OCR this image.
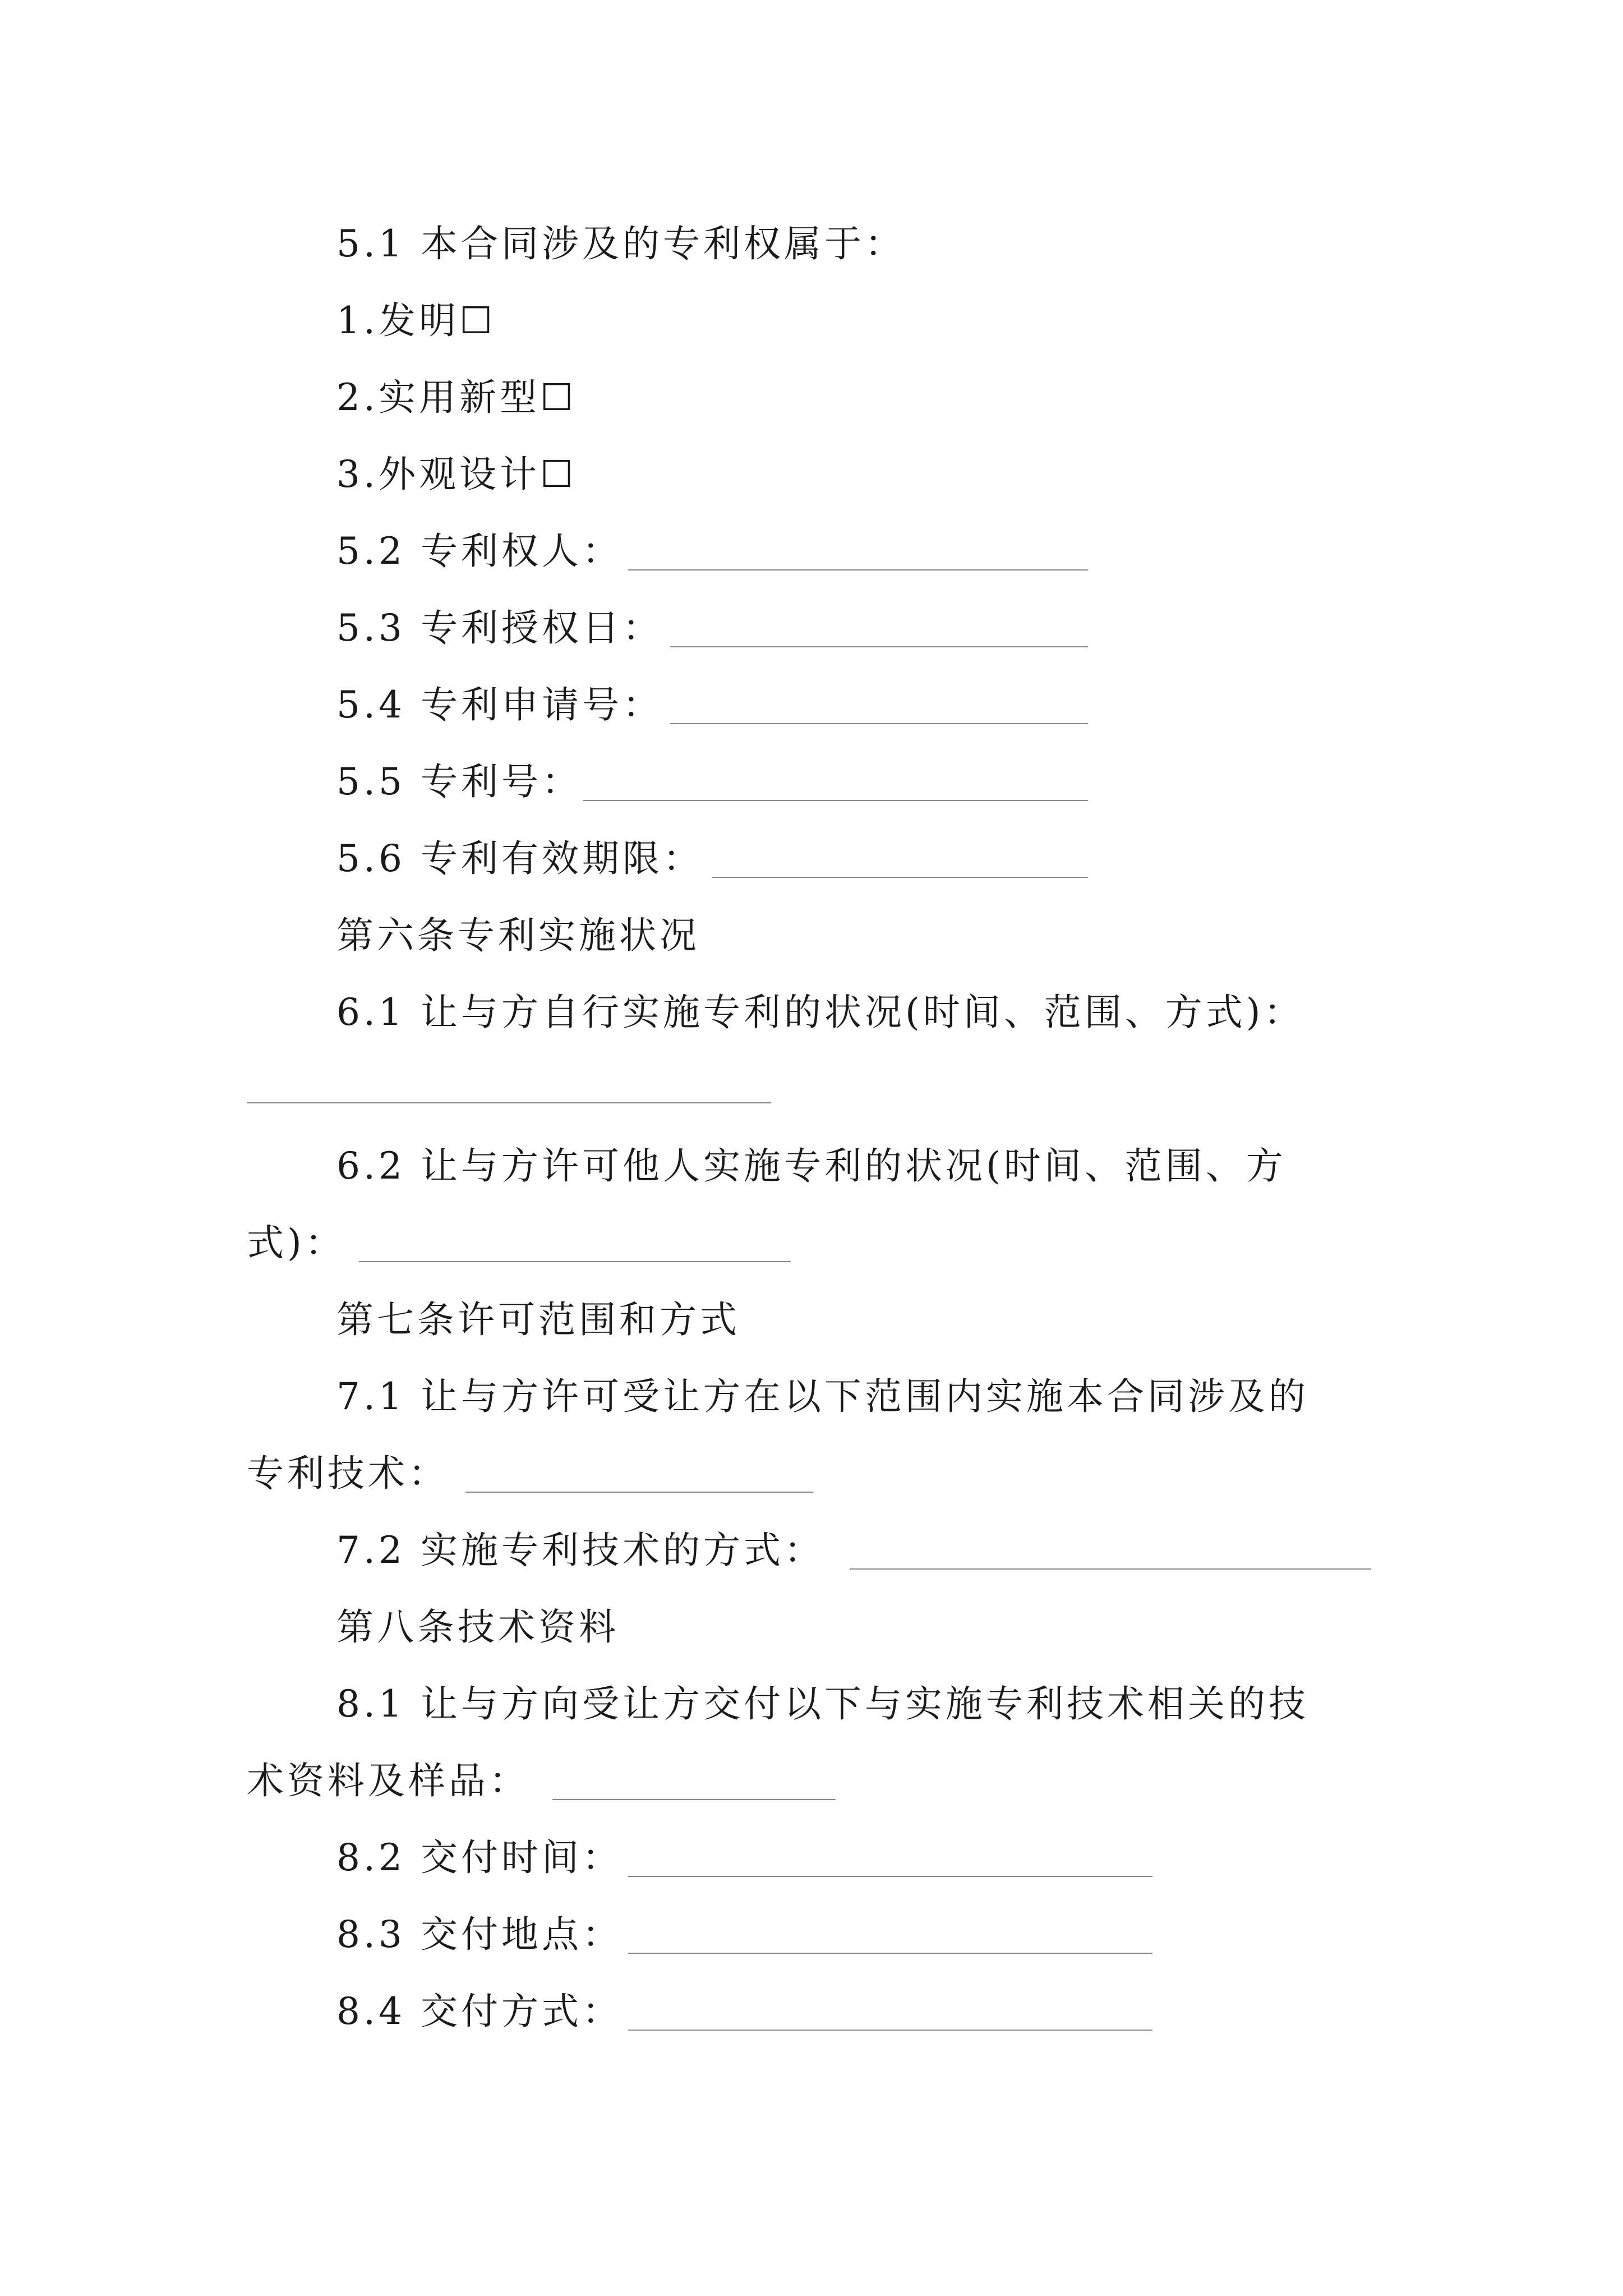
5.1 本合同涉及的专利权属于：
1.发明☐
2.实用新型☐
3.外观设计☐
5.2 专利权人：
5.3 专利授权日：
5.4 专利申请号：
5.5 专利号：
5.6 专利有效期限：
第六条专利实施状况
6.1 让与方自行实施专利的状况(时间、范围、方式)：
6.2 让与方许可他人实施专利的状况(时间、范围、方
式)：
第七条许可范围和方式
7.1 让与方许可受让方在以下范围内实施本合同涉及的
专利技术：
7.2 实施专利技术的方式：
第八条技术资料
8.1 让与方向受让方交付以下与实施专利技术相关的技
术资料及样品：
8.2 交付时间：
8.3 交付地点：
8.4 交付方式：
